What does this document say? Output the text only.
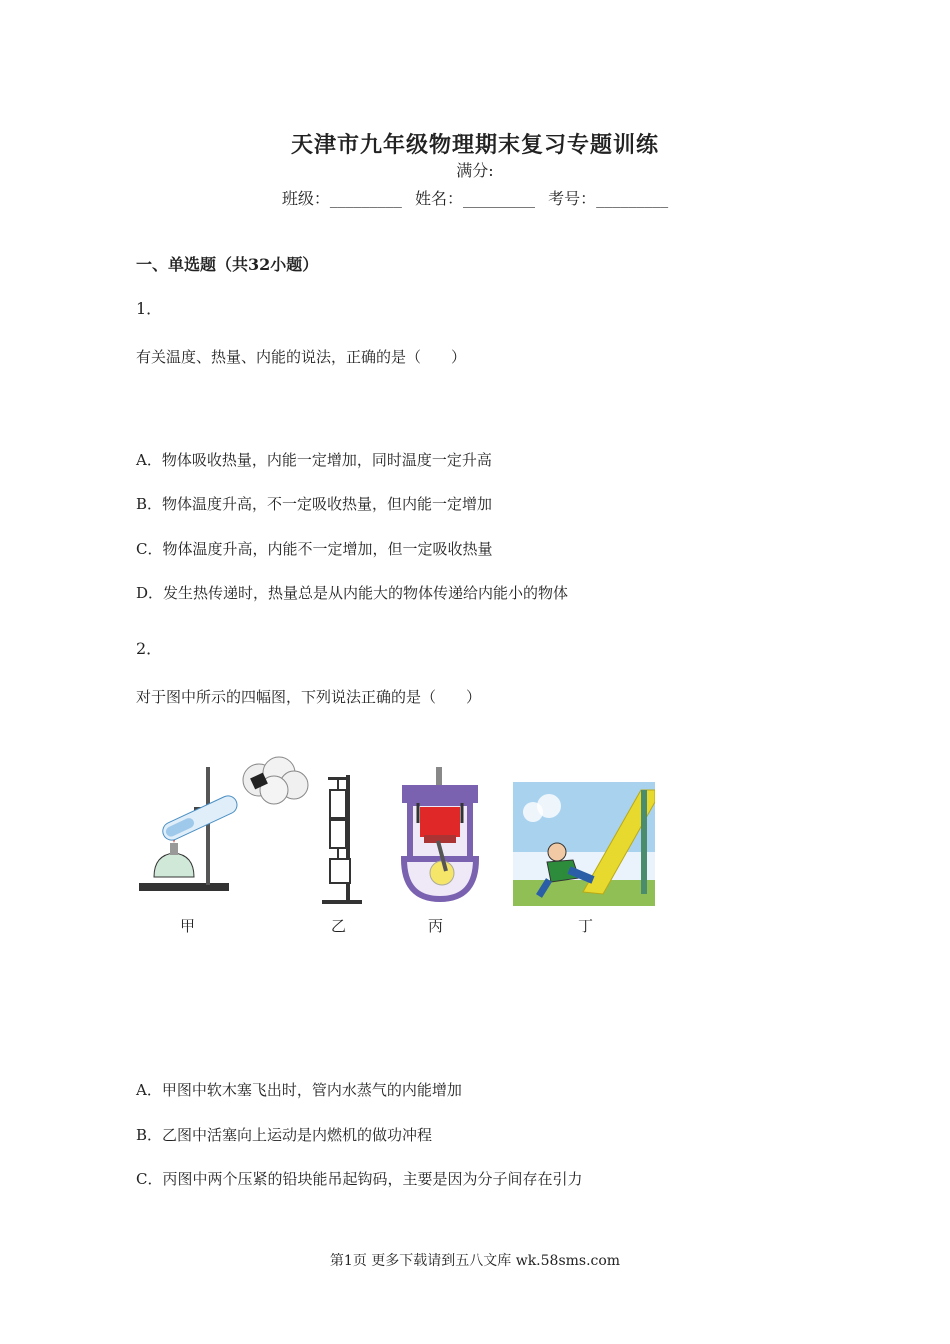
天津市九年级物理期末复习专题训练
满分:
班级：_________ 姓名：_________ 考号：_________
一、单选题（共32小题）
1．
有关温度、热量、内能的说法，正确的是（　　）
A．物体吸收热量，内能一定增加，同时温度一定升高
B．物体温度升高，不一定吸收热量，但内能一定增加
C．物体温度升高，内能不一定增加，但一定吸收热量
D．发生热传递时，热量总是从内能大的物体传递给内能小的物体
2．
对于图中所示的四幅图，下列说法正确的是（　　）
甲	乙	丙	丁
A．甲图中软木塞飞出时，管内水蒸气的内能增加
B．乙图中活塞向上运动是内燃机的做功冲程
C．丙图中两个压紧的铅块能吊起钩码，主要是因为分子间存在引力
第1页 更多下载请到五八文库 wk.58sms.com
